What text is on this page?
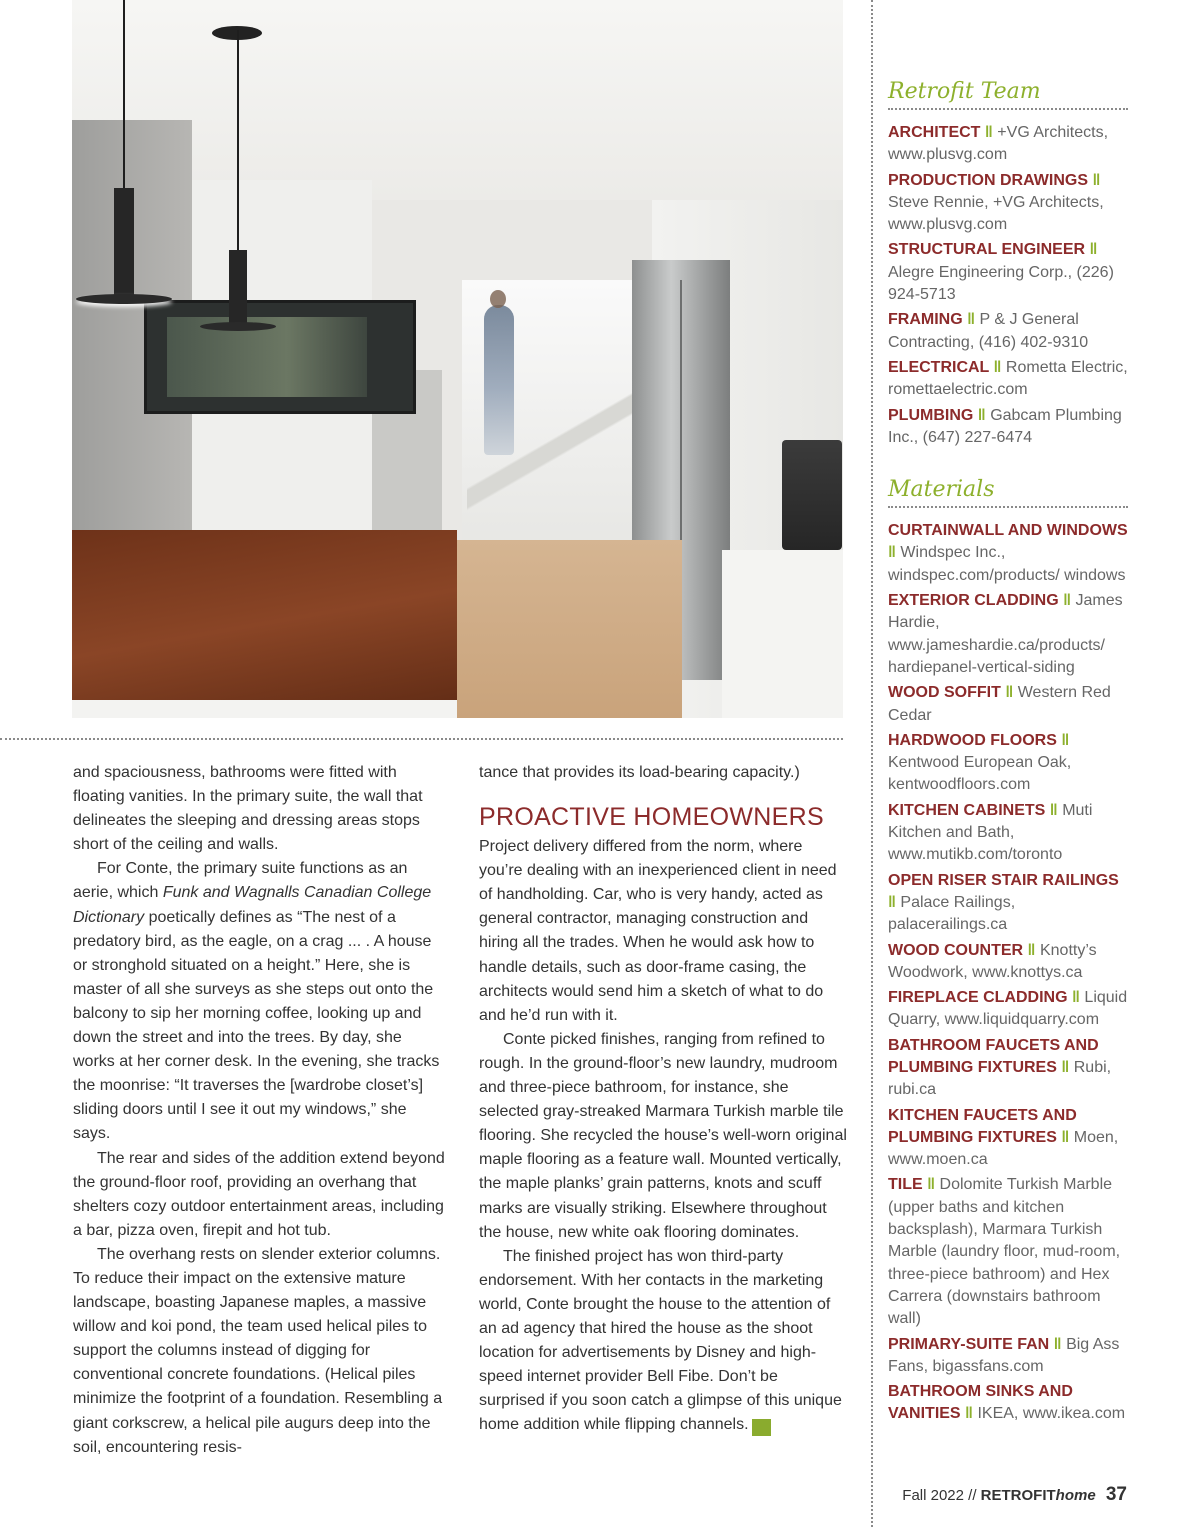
and spaciousness, bathrooms were fitted with floating vanities. In the primary suite, the wall that delineates the sleeping and dressing areas stops short of the ceiling and walls.

For Conte, the primary suite functions as an aerie, which Funk and Wagnalls Canadian College Dictionary poetically defines as “The nest of a predatory bird, as the eagle, on a crag ... . A house or stronghold situated on a height.” Here, she is master of all she surveys as she steps out onto the balcony to sip her morning coffee, looking up and down the street and into the trees. By day, she works at her corner desk. In the evening, she tracks the moonrise: “It traverses the [wardrobe closet’s] sliding doors until I see it out my windows,” she says.

The rear and sides of the addition extend beyond the ground-floor roof, providing an overhang that shelters cozy outdoor entertainment areas, including a bar, pizza oven, firepit and hot tub.

The overhang rests on slender exterior columns. To reduce their impact on the extensive mature landscape, boasting Japanese maples, a massive willow and koi pond, the team used helical piles to support the columns instead of digging for conventional concrete foundations. (Helical piles minimize the footprint of a foundation. Resembling a giant corkscrew, a helical pile augurs deep into the soil, encountering resis-

tance that provides its load-bearing capacity.)

PROACTIVE HOMEOWNERS

Project delivery differed from the norm, where you’re dealing with an inexperienced client in need of handholding. Car, who is very handy, acted as general contractor, managing construction and hiring all the trades. When he would ask how to handle details, such as door-frame casing, the architects would send him a sketch of what to do and he’d run with it.

Conte picked finishes, ranging from refined to rough. In the ground-floor’s new laundry, mudroom and three-piece bathroom, for instance, she selected gray-streaked Marmara Turkish marble tile flooring. She recycled the house’s well-worn original maple flooring as a feature wall. Mounted vertically, the maple planks’ grain patterns, knots and scuff marks are visually striking. Elsewhere throughout the house, new white oak flooring dominates.

The finished project has won third-party endorsement. With her contacts in the marketing world, Conte brought the house to the attention of an ad agency that hired the house as the shoot location for advertisements by Disney and high-speed internet provider Bell Fibe. Don’t be surprised if you soon catch a glimpse of this unique home addition while flipping channels. rh

Retrofit Team
ARCHITECT ‖ +VG Architects, www.plusvg.com
PRODUCTION DRAWINGS ‖ Steve Rennie, +VG Architects, www.plusvg.com
STRUCTURAL ENGINEER ‖ Alegre Engineering Corp., (226) 924-5713
FRAMING ‖ P & J General Contracting, (416) 402-9310
ELECTRICAL ‖ Rometta Electric, romettaelectric.com
PLUMBING ‖ Gabcam Plumbing Inc., (647) 227-6474
Materials
CURTAINWALL AND WINDOWS ‖ Windspec Inc., windspec.com/products/ windows
EXTERIOR CLADDING ‖ James Hardie, www.jameshardie.ca/products/ hardiepanel-vertical-siding
WOOD SOFFIT ‖ Western Red Cedar
HARDWOOD FLOORS ‖ Kentwood European Oak, kentwoodfloors.com
KITCHEN CABINETS ‖ Muti Kitchen and Bath, www.mutikb.com/toronto
OPEN RISER STAIR RAILINGS ‖ Palace Railings, palacerailings.ca
WOOD COUNTER ‖ Knotty’s Woodwork, www.knottys.ca
FIREPLACE CLADDING ‖ Liquid Quarry, www.liquidquarry.com
BATHROOM FAUCETS AND PLUMBING FIXTURES ‖ Rubi, rubi.ca
KITCHEN FAUCETS AND PLUMBING FIXTURES ‖ Moen, www.moen.ca
TILE ‖ Dolomite Turkish Marble (upper baths and kitchen backsplash), Marmara Turkish Marble (laundry floor, mud-room, three-piece bathroom) and Hex Carrera (downstairs bathroom wall)
PRIMARY-SUITE FAN ‖ Big Ass Fans, bigassfans.com
BATHROOM SINKS AND VANITIES ‖ IKEA, www.ikea.com
Fall 2022 // RETROFIThome 37
